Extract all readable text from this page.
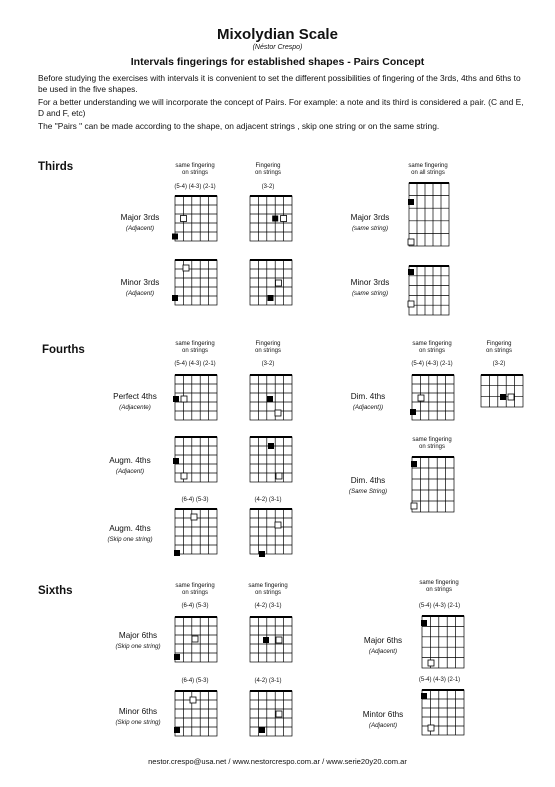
Mixolydian Scale
(Néstor Crespo)
Intervals fingerings for established shapes - Pairs Concept
Before studying the exercises with intervals it is convenient to set the different possibilities of fingering of the 3rds, 4ths and 6ths to be used in the five shapes.
For a better understanding we will incorporate the concept of Pairs. For example: a note and its third is considered a pair. (C and E, D and F, etc)
The "Pairs " can be made according to the shape, on adjacent strings , skip one string or on the same string.
Thirds
Fourths
Sixths
same fingering
on strings
(5-4) (4-3) (2-1)
Fingering
on strings
(3-2)
same fingering
on all strings
Major 3rds
(Adjacent)
Minor 3rds
(Adjacent)
Major 3rds
(same string)
Minor 3rds
(same string)
same fingering
on strings
(5-4) (4-3) (2-1)
Fingering
on strings
(3-2)
same fingering
on strings
(5-4) (4-3) (2-1)
Fingering
on strings
(3-2)
same fingering
on strings
(6-4) (5-3)	(4-2) (3-1)
Perfect 4ths
(Adjacente)
Augm. 4ths
(Adjacent)
Augm. 4ths
(Skip one string)
Dim. 4ths
(Adjacent))
Dim. 4ths
(Same String)
same fingering
on strings
(6-4) (5-3)
same fingering
on strings
(4-2) (3-1)
same fingering
on strings
(5-4) (4-3) (2-1)
(6-4) (5-3)	(4-2) (3-1)	(5-4) (4-3) (2-1)
Major 6ths
(Skip one string)
Minor 6ths
(Skip one string)
Major 6ths
(Adjacent)
Mintor 6ths
(Adjacent)
nestor.crespo@usa.net / www.nestorcrespo.com.ar / www.serie20y20.com.ar
